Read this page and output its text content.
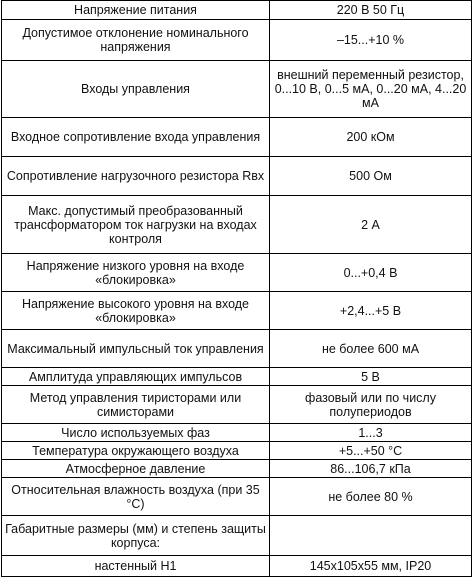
Напряжение питания	220 В 50 Гц
Допустимое отклонение номинального напряжения	–15...+10 %
Входы управления	внешний переменный резистор, 0...10 В, 0...5 мА, 0...20 мА, 4...20 мА
Входное сопротивление входа управления	200 кОм
Сопротивление нагрузочного резистора Rвх	500 Ом
Макс. допустимый преобразованный трансформатором ток нагрузки на входах контроля	2 А
Напряжение низкого уровня на входе «блокировка»	0...+0,4 В
Напряжение высокого уровня на входе «блокировка»	+2,4...+5 В
Максимальный импульсный ток управления	не более 600 мА
Амплитуда управляющих импульсов	5 В
Метод управления тиристорами или симисторами	фазовый или по числу полупериодов
Число используемых фаз	1...3
Температура окружающего воздуха	+5...+50 °С
Атмосферное давление	86...106,7 кПа
Относительная влажность воздуха (при 35 °С)	не более 80 %
Габаритные размеры (мм) и степень защиты корпуса:	
настенный Н1	145x105x55 мм, IP20
